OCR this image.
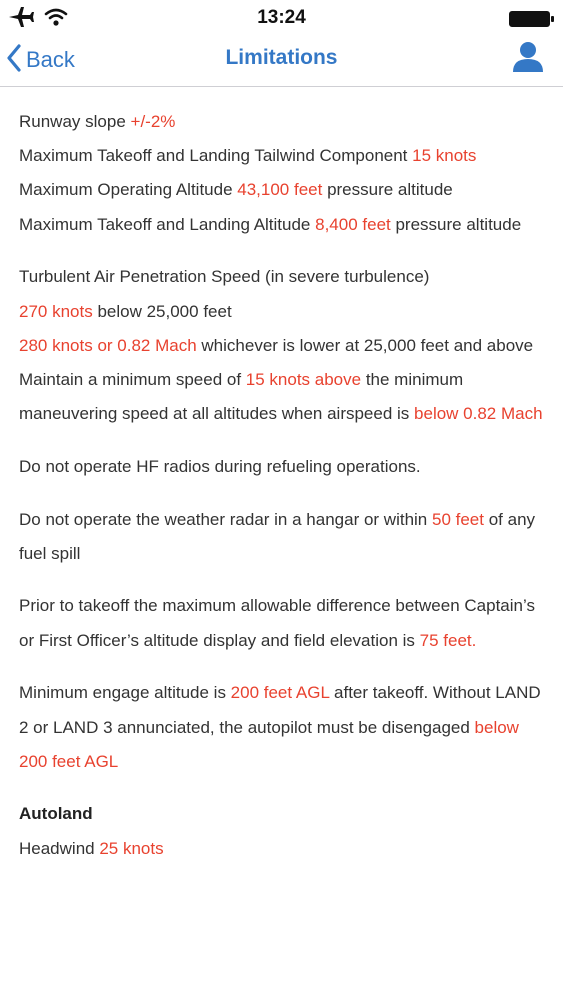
13:24
Back	Limitations

Runway slope +/-2%
Maximum Takeoff and Landing Tailwind Component 15 knots
Maximum Operating Altitude 43,100 feet pressure altitude
Maximum Takeoff and Landing Altitude 8,400 feet pressure altitude

Turbulent Air Penetration Speed (in severe turbulence)
270 knots below 25,000 feet
280 knots or 0.82 Mach whichever is lower at 25,000 feet and above
Maintain a minimum speed of 15 knots above the minimum maneuvering speed at all altitudes when airspeed is below 0.82 Mach

Do not operate HF radios during refueling operations.

Do not operate the weather radar in a hangar or within 50 feet of any fuel spill

Prior to takeoff the maximum allowable difference between Captain’s or First Officer’s altitude display and field elevation is 75 feet.

Minimum engage altitude is 200 feet AGL after takeoff. Without LAND 2 or LAND 3 annunciated, the autopilot must be disengaged below 200 feet AGL

Autoland
Headwind 25 knots
